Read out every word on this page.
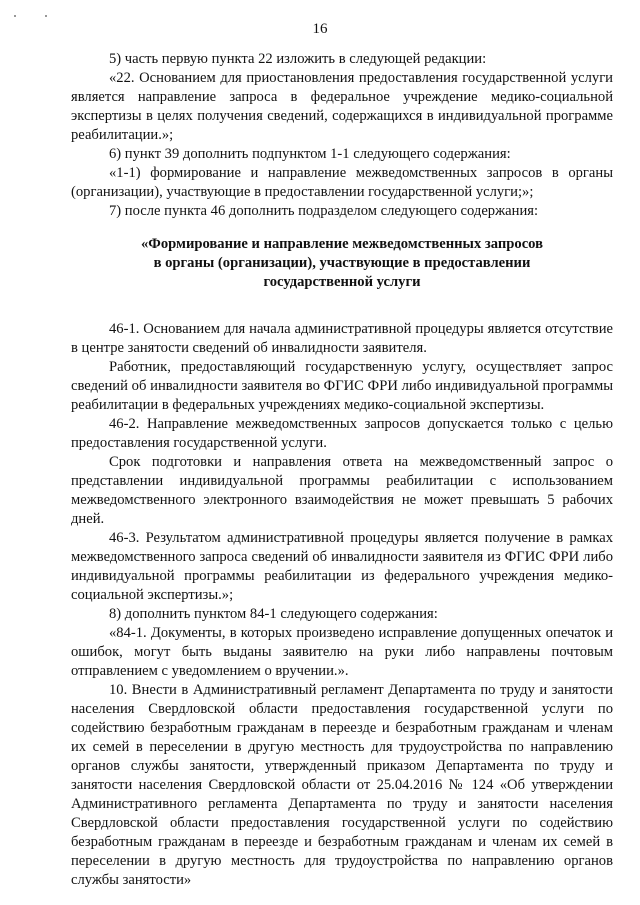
16

5) часть первую пункта 22 изложить в следующей редакции:

«22. Основанием для приостановления предоставления государственной услуги является направление запроса в федеральное учреждение медико-социальной экспертизы в целях получения сведений, содержащихся в индивидуальной программе реабилитации.»;

6) пункт 39 дополнить подпунктом 1-1 следующего содержания:

«1-1) формирование и направление межведомственных запросов в органы (организации), участвующие в предоставлении государственной услуги;»;

7) после пункта 46 дополнить подразделом следующего содержания:

«Формирование и направление межведомственных запросов
в органы (организации), участвующие в предоставлении
государственной услуги

46-1. Основанием для начала административной процедуры является отсутствие в центре занятости сведений об инвалидности заявителя.

Работник, предоставляющий государственную услугу, осуществляет запрос сведений об инвалидности заявителя во ФГИС ФРИ либо индивидуальной программы реабилитации в федеральных учреждениях медико-социальной экспертизы.

46-2. Направление межведомственных запросов допускается только с целью предоставления государственной услуги.

Срок подготовки и направления ответа на межведомственный запрос о представлении индивидуальной программы реабилитации с использованием межведомственного электронного взаимодействия не может превышать 5 рабочих дней.

46-3. Результатом административной процедуры является получение в рамках межведомственного запроса сведений об инвалидности заявителя из ФГИС ФРИ либо индивидуальной программы реабилитации из федерального учреждения медико-социальной экспертизы.»;

8) дополнить пунктом 84-1 следующего содержания:

«84-1. Документы, в которых произведено исправление допущенных опечаток и ошибок, могут быть выданы заявителю на руки либо направлены почтовым отправлением с уведомлением о вручении.».

10. Внести в Административный регламент Департамента по труду и занятости населения Свердловской области предоставления государственной услуги по содействию безработным гражданам в переезде и безработным гражданам и членам их семей в переселении в другую местность для трудоустройства по направлению органов службы занятости, утвержденный приказом Департамента по труду и занятости населения Свердловской области от 25.04.2016 № 124 «Об утверждении Административного регламента Департамента по труду и занятости населения Свердловской области предоставления государственной услуги по содействию безработным гражданам в переезде и безработным гражданам и членам их семей в переселении в другую местность для трудоустройства по направлению органов службы занятости»
